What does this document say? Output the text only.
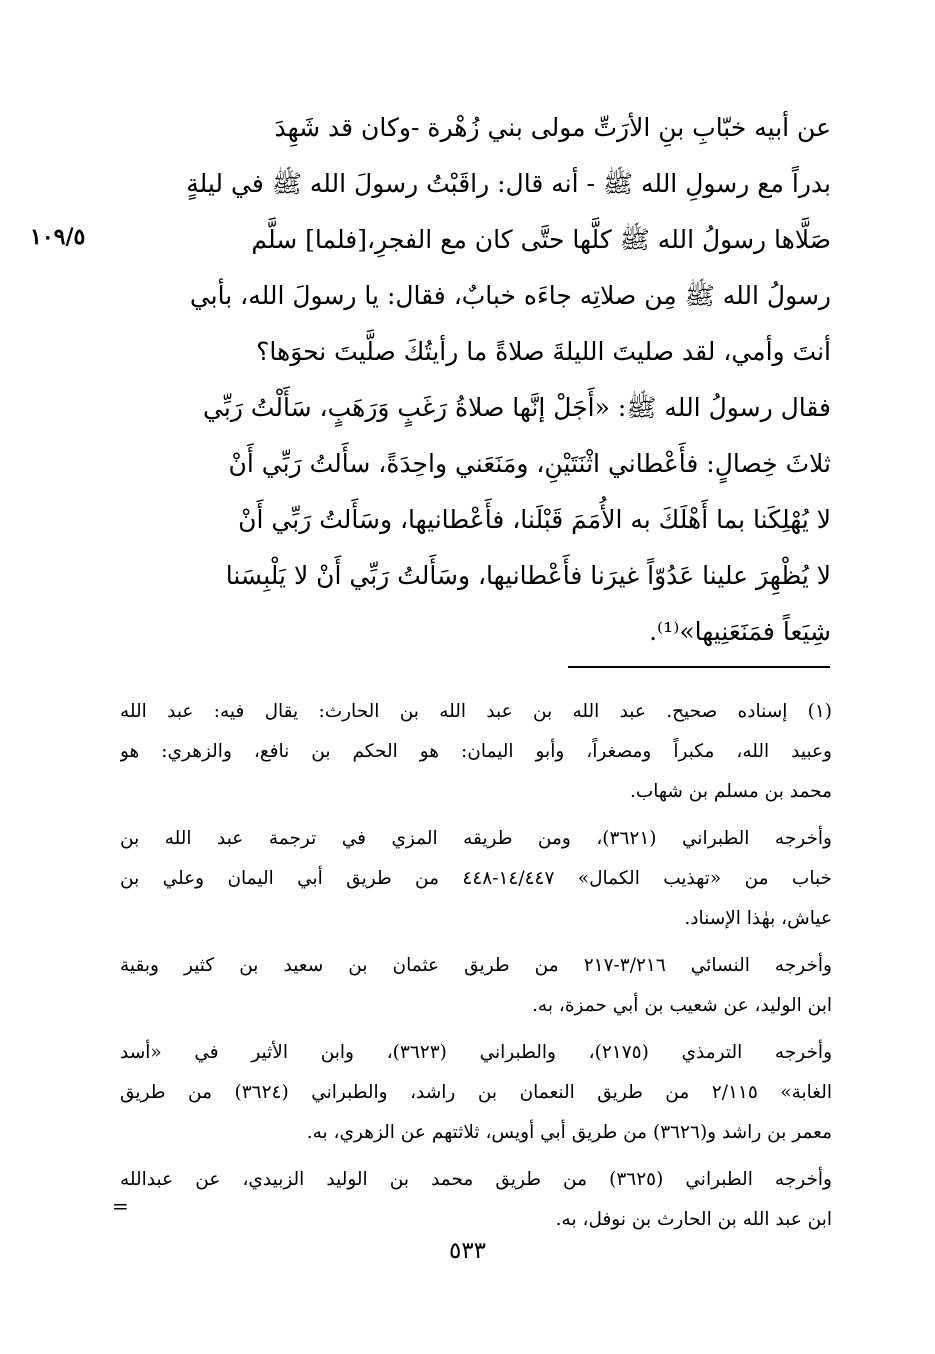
عن أبيه خبّابِ بنِ الأرَتِّ مولى بني زُهْرة -وكان قد شَهِدَ
بدراً مع رسولِ الله ﷺ - أنه قال: راقَبْتُ رسولَ الله ﷺ في ليلةٍ
صَلَّاها رسولُ الله ﷺ كلَّها حتَّى كان مع الفجرِ،[فلما] سلَّم
رسولُ الله ﷺ مِن صلاتِه جاءَه خبابٌ، فقال: يا رسولَ الله، بأبي
أنتَ وأمي، لقد صليتَ الليلةَ صلاةً ما رأيتُكَ صلَّيتَ نحوَها؟
فقال رسولُ الله ﷺ: «أَجَلْ إنَّها صلاةُ رَغَبٍ وَرَهَبٍ، سَأَلْتُ رَبِّي
ثلاثَ خِصالٍ: فأَعْطاني اثْنَتَيْنِ، ومَنَعَني واحِدَةً، سأَلتُ رَبِّي أَنْ
لا يُهْلِكَنا بما أَهْلَكَ به الأُمَمَ قَبْلَنا، فأَعْطانيها، وسَأَلتُ رَبِّي أَنْ
لا يُظْهِرَ علينا عَدُوّاً غيرَنا فأَعْطانيها، وسَأَلتُ رَبِّي أَنْ لا يَلْبِسَنا
شِيَعاً فمَنَعَنِيها»⁽¹⁾.
١٠٩/٥
(١) إسناده صحيح. عبد الله بن عبد الله بن الحارث: يقال فيه: عبد الله
وعبيد الله، مكبراً ومصغراً، وأبو اليمان: هو الحكم بن نافع، والزهري: هو
محمد بن مسلم بن شهاب.
وأخرجه الطبراني (٣٦٢١)، ومن طريقه المزي في ترجمة عبد الله بن
خباب من «تهذيب الكمال» ١٤/٤٤٧-٤٤٨ من طريق أبي اليمان وعلي بن
عياش، بهٰذا الإسناد.
وأخرجه النسائي ٣/٢١٦-٢١٧ من طريق عثمان بن سعيد بن كثير وبقية
ابن الوليد، عن شعيب بن أبي حمزة، به.
وأخرجه الترمذي (٢١٧٥)، والطبراني (٣٦٢٣)، وابن الأثير في «أسد
الغابة» ٢/١١٥ من طريق النعمان بن راشد، والطبراني (٣٦٢٤) من طريق
معمر بن راشد و(٣٦٢٦) من طريق أبي أويس، ثلاثتهم عن الزهري، به.
وأخرجه الطبراني (٣٦٢٥) من طريق محمد بن الوليد الزبيدي، عن عبدالله
ابن عبد الله بن الحارث بن نوفل، به.
=
٥٣٣
